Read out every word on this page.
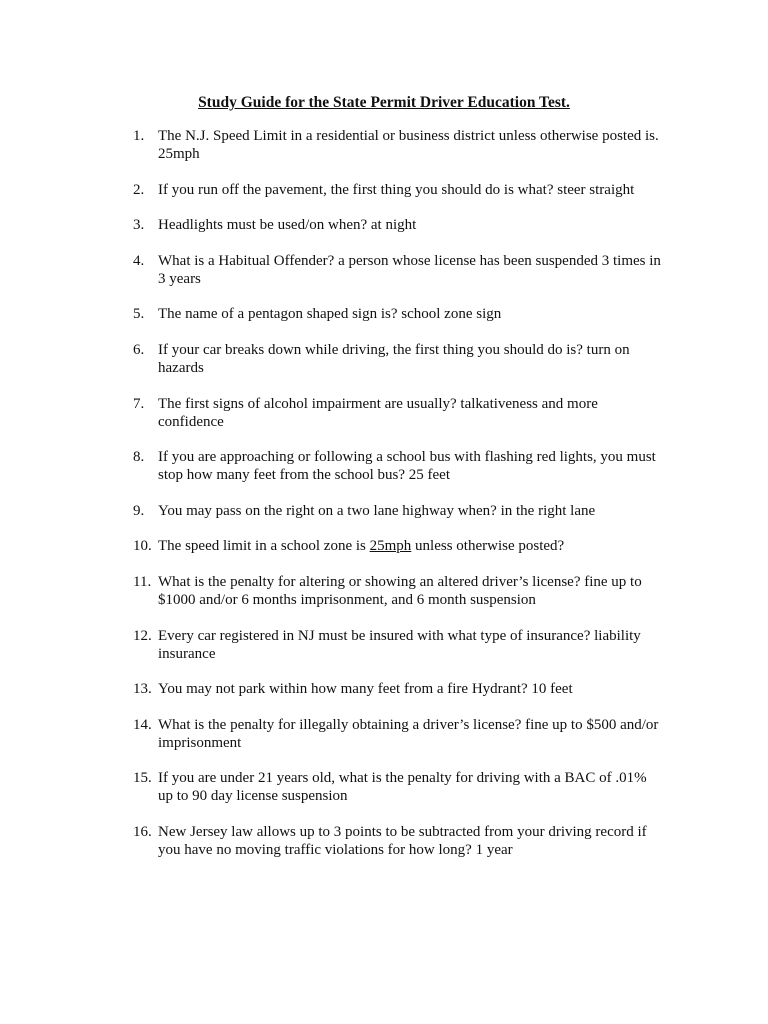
Study Guide for the State Permit Driver Education Test.
1. The N.J. Speed Limit in a residential or business district unless otherwise posted is. 25mph
2. If you run off the pavement, the first thing you should do is what? steer straight
3. Headlights must be used/on when? at night
4. What is a Habitual Offender? a person whose license has been suspended 3 times in 3 years
5. The name of a pentagon shaped sign is? school zone sign
6. If your car breaks down while driving, the first thing you should do is? turn on hazards
7. The first signs of alcohol impairment are usually? talkativeness and more confidence
8. If you are approaching or following a school bus with flashing red lights, you must stop how many feet from the school bus? 25 feet
9. You may pass on the right on a two lane highway when? in the right lane
10. The speed limit in a school zone is 25mph unless otherwise posted?
11. What is the penalty for altering or showing an altered driver’s license? fine up to $1000 and/or 6 months imprisonment, and 6 month suspension
12. Every car registered in NJ must be insured with what type of insurance? liability insurance
13. You may not park within how many feet from a fire Hydrant? 10 feet
14. What is the penalty for illegally obtaining a driver’s license? fine up to $500 and/or imprisonment
15. If you are under 21 years old, what is the penalty for driving with a BAC of .01% up to 90 day license suspension
16. New Jersey law allows up to 3 points to be subtracted from your driving record if you have no moving traffic violations for how long? 1 year
